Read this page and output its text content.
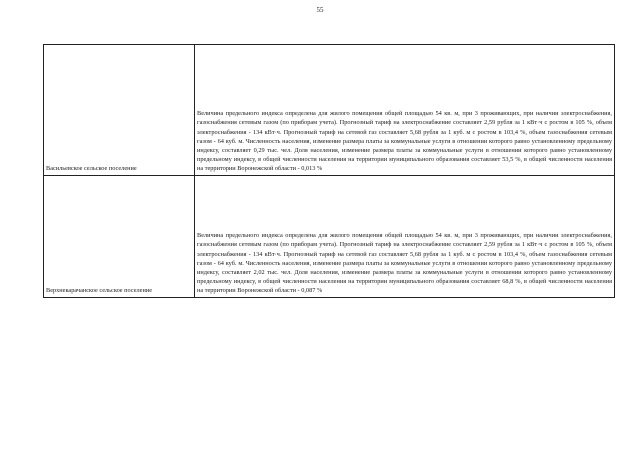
55
Васильевское сельское поселение	Величина предельного индекса определена для жилого помещения общей площадью 54 кв. м, при 3 проживающих, при наличии электроснабжения, газоснабжения сетевым газом (по приборам учета). Прогнозный тариф на электроснабжение составляет 2,59 рубля за 1 кВт·ч с ростом в 105 %, объем электроснабжения - 134 кВт·ч. Прогнозный тариф на сетевой газ составляет 5,68 рубля за 1 куб. м с ростом в 103,4 %, объем газоснабжения сетевым газом - 64 куб. м. Численность населения, изменение размера платы за коммунальные услуги в отношении которого равно установленному предельному индексу, составляет 0,29 тыс. чел. Доля населения, изменение размера платы за коммунальные услуги в отношении которого равно установленному предельному индексу, в общей численности населения на территории муниципального образования составляет 53,5 %, в общей численности населения на территории Воронежской области - 0,013 %

Верхнекарачанское сельское поселение	Величина предельного индекса определена для жилого помещения общей площадью 54 кв. м, при 3 проживающих, при наличии электроснабжения, газоснабжения сетевым газом (по приборам учета). Прогнозный тариф на электроснабжение составляет 2,59 рубля за 1 кВт·ч с ростом в 105 %, объем электроснабжения - 134 кВт·ч. Прогнозный тариф на сетевой газ составляет 5,68 рубля за 1 куб. м с ростом в 103,4 %, объем газоснабжения сетевым газом - 64 куб. м. Численность населения, изменение размера платы за коммунальные услуги в отношении которого равно установленному предельному индексу, составляет 2,02 тыс. чел. Доля населения, изменение размера платы за коммунальные услуги в отношении которого равно установленному предельному индексу, в общей численности населения на территории муниципального образования составляет 68,8 %, в общей численности населения на территории Воронежской области - 0,087 %
